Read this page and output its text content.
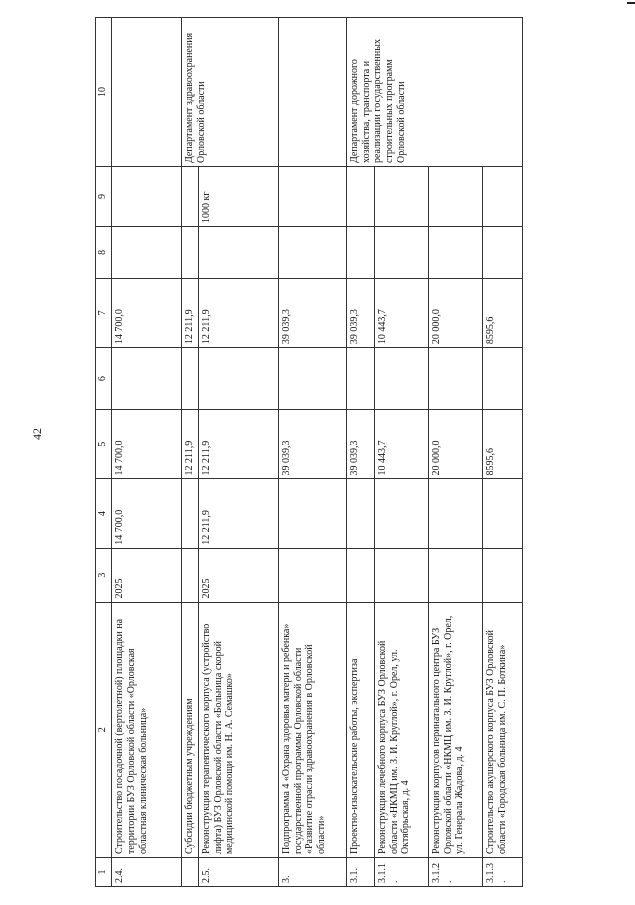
42
1	2	3	4	5	6	7	8	9	10
2.4.	Строительство посадочной (вертолетной) площадки на территории БУЗ Орловской области «Орловская областная клиническая больница»	2025	14 700,0	14 700,0		14 700,0			
	Субсидии бюджетным учреждениям			12 211,9		12 211,9			Департамент здравоохранения Орловской области
2.5.	Реконструкция терапевтического корпуса (устройство лифта) БУЗ Орловской области «Больница скорой медицинской помощи им. Н. А. Семашко»	2025	12 211,9	12 211,9		12 211,9		1000 кг	
3.	Подпрограмма 4 «Охрана здоровья матери и ребенка» государственной программы Орловской области «Развитие отрасли здравоохранения в Орловской области»			39 039,3		39 039,3			
3.1.	Проектно-изыскательские работы, экспертиза			39 039,3		39 039,3			Департамент дорожного хозяйства, транспорта и реализации государственных строительных программ Орловской области
3.1.1.	Реконструкция лечебного корпуса БУЗ Орловской области «НКМЦ им. З. И. Круглой», г. Орел, ул. Октябрьская, д. 4			10 443,7		10 443,7			
3.1.2.	Реконструкция корпусов перинатального центра БУЗ Орловской области «НКМЦ им. З. И. Круглой», г. Орел, ул. Генерала Жадова, д. 4			20 000,0		20 000,0			
3.1.3.	Строительство акушерского корпуса БУЗ Орловской области «Городская больница им. С. П. Боткина»			8595,6		8595,6			
